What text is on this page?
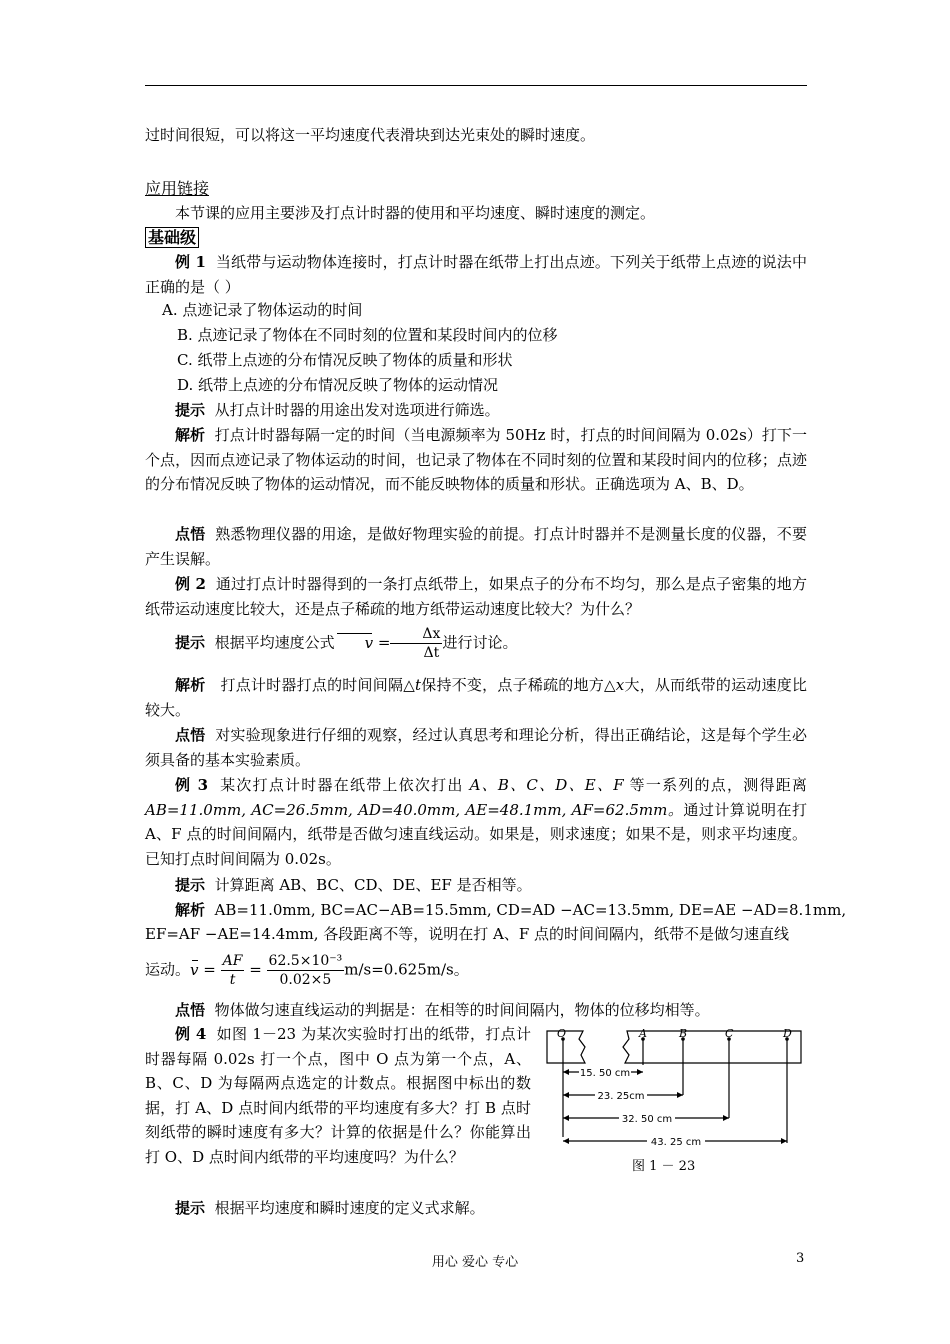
过时间很短，可以将这一平均速度代表滑块到达光束处的瞬时速度。

应用链接

本节课的应用主要涉及打点计时器的使用和平均速度、瞬时速度的测定。

基础级

例 1 当纸带与运动物体连接时，打点计时器在纸带上打出点迹。下列关于纸带上点迹的说法中正确的是（ ）

A. 点迹记录了物体运动的时间
B. 点迹记录了物体在不同时刻的位置和某段时间内的位移
C. 纸带上点迹的分布情况反映了物体的质量和形状
D. 纸带上点迹的分布情况反映了物体的运动情况

提示 从打点计时器的用途出发对选项进行筛选。

解析 打点计时器每隔一定的时间（当电源频率为 50Hz 时，打点的时间间隔为 0.02s）打下一个点，因而点迹记录了物体运动的时间，也记录了物体在不同时刻的位置和某段时间内的位移；点迹的分布情况反映了物体的运动情况，而不能反映物体的质量和形状。正确选项为 A、B、D。

点悟 熟悉物理仪器的用途，是做好物理实验的前提。打点计时器并不是测量长度的仪器，不要产生误解。

例 2 通过打点计时器得到的一条打点纸带上，如果点子的分布不均匀，那么是点子密集的地方纸带运动速度比较大，还是点子稀疏的地方纸带运动速度比较大？为什么？

提示 根据平均速度公式 $v = \frac{\Delta x}{\Delta t}$ 进行讨论。

解析 打点计时器打点的时间间隔△t保持不变，点子稀疏的地方△x大，从而纸带的运动速度比较大。

点悟 对实验现象进行仔细的观察，经过认真思考和理论分析，得出正确结论，这是每个学生必须具备的基本实验素质。

例 3 某次打点计时器在纸带上依次打出 A、B、C、D、E、F 等一系列的点，测得距离AB=11.0mm, AC=26.5mm, AD=40.0mm, AE=48.1mm, AF=62.5mm。通过计算说明在打 A、F 点的时间间隔内，纸带是否做匀速直线运动。如果是，则求速度；如果不是，则求平均速度。已知打点时间间隔为 0.02s。

提示 计算距离 AB、BC、CD、DE、EF 是否相等。

解析 AB=11.0mm, BC=AC−AB=15.5mm, CD=AD −AC=13.5mm, DE=AE −AD=8.1mm,

EF=AF −AE=14.4mm, 各段距离不等，说明在打 A、F 点的时间间隔内，纸带不是做匀速直线

运动。$v = \frac{AF}{t} = \frac{\text{62.5×10⁻³}}{0.02\times 5} m/s=0.625m/s$。

点悟 物体做匀速直线运动的判据是：在相等的时间间隔内，物体的位移均相等。

例 4 如图 1－23 为某次实验时打出的纸带，打点计时器每隔 0.02s 打一个点，图中 O 点为第一个点，A、B、C、D 为每隔两点选定的计数点。根据图中标出的数据，打 A、D 点时间内纸带的平均速度有多大？打 B 点时刻纸带的瞬时速度有多大？计算的依据是什么？你能算出打 O、D 点时间内纸带的平均速度吗？为什么？

提示 根据平均速度和瞬时速度的定义式求解。

O	A	B	C	D
15. 50 cm
23. 25cm
32. 50 cm
43. 25 cm
图 1 － 23
用心 爱心 专心	3
